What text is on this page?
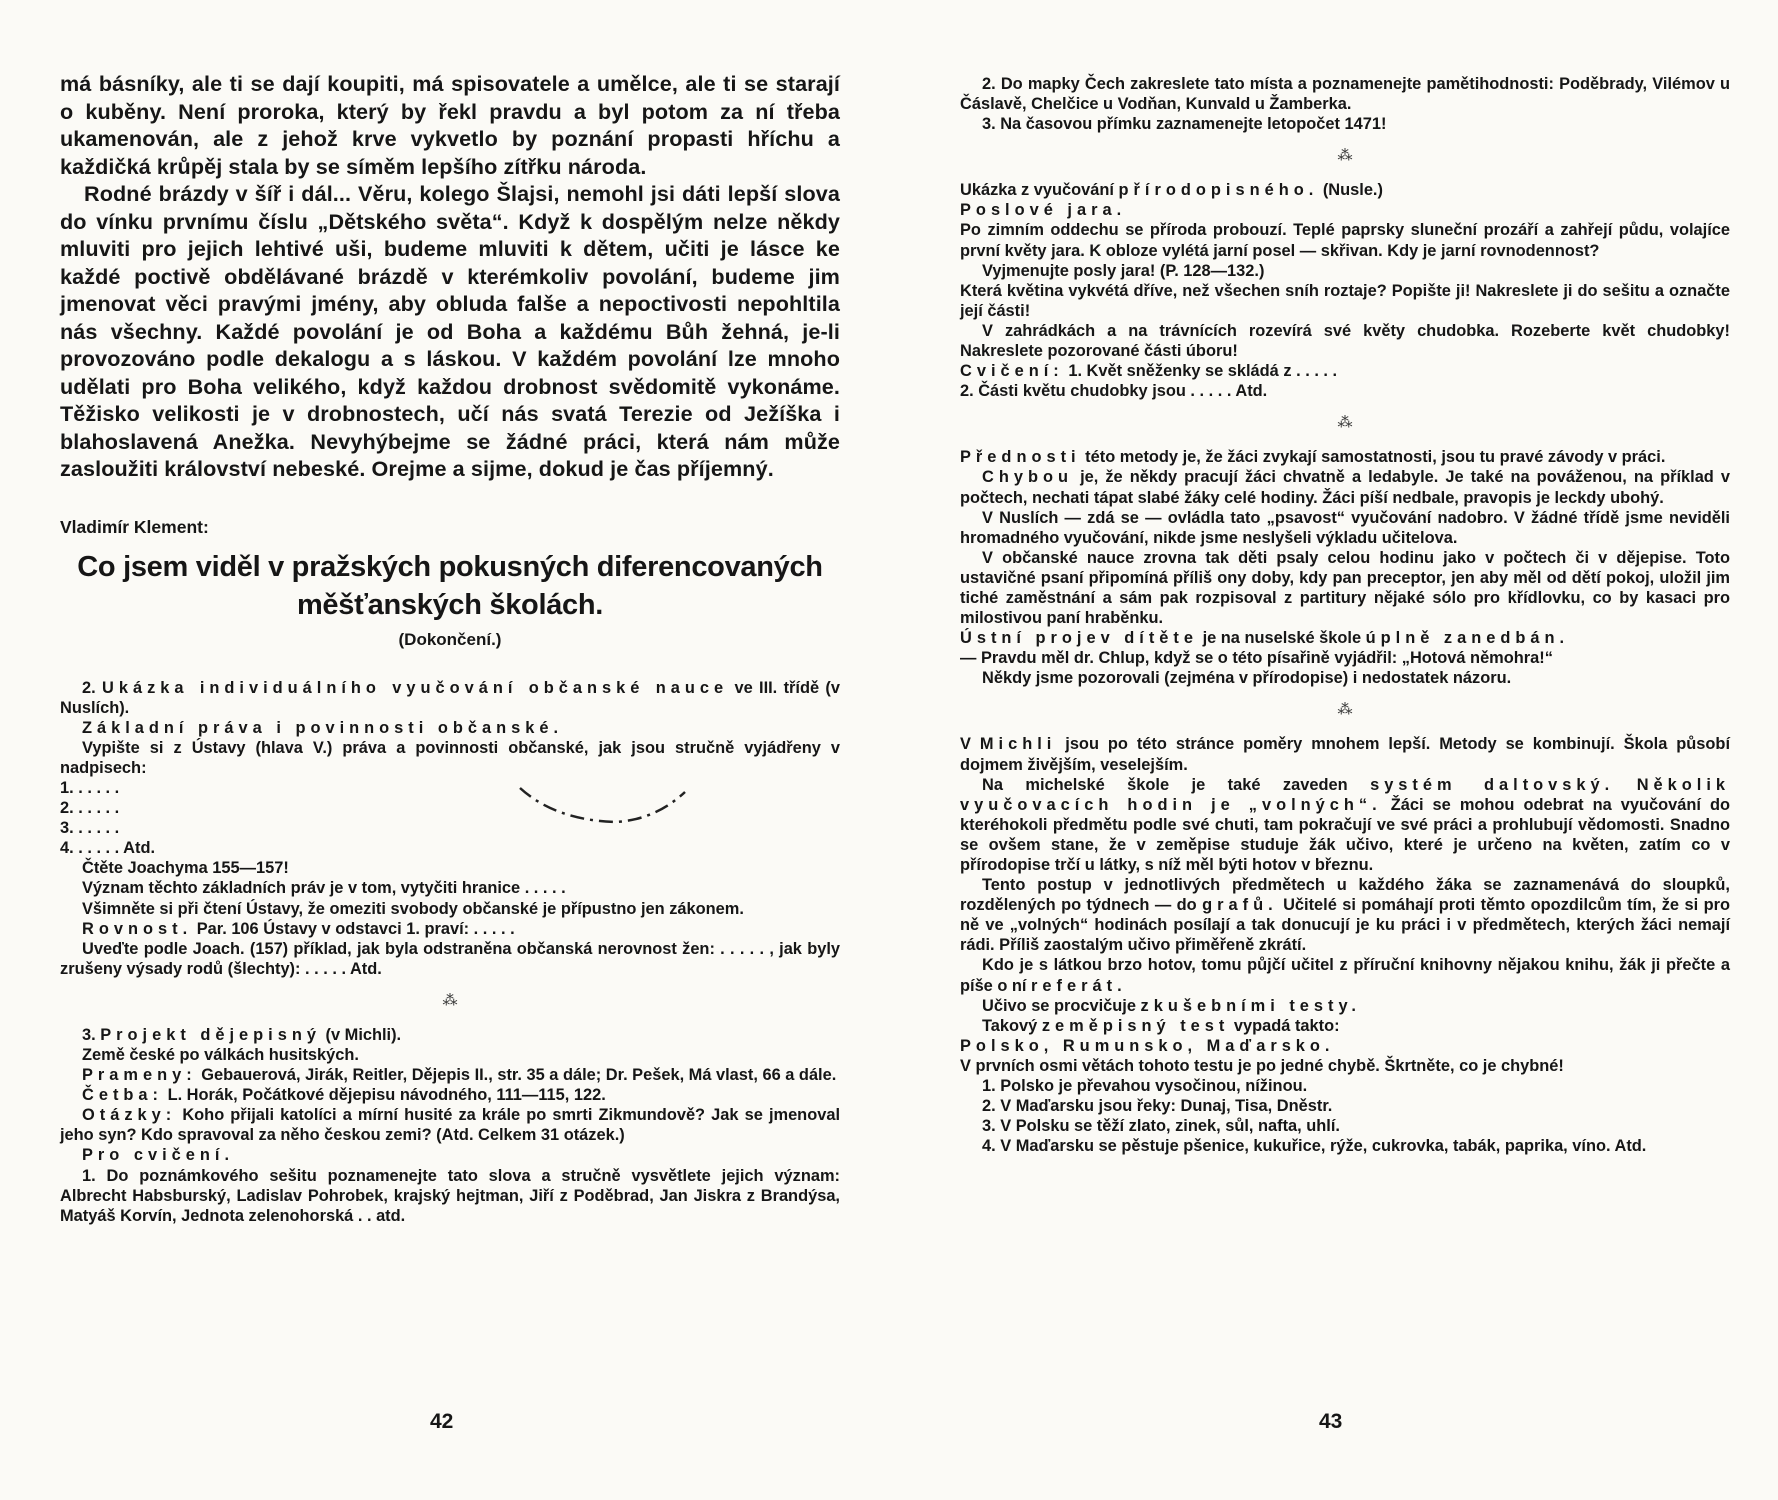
má básníky, ale ti se dají koupiti, má spisovatele a umělce, ale ti se starají o kuběny. Není proroka, který by řekl pravdu a byl potom za ní třeba ukamenován, ale z jehož krve vykvetlo by poznání propasti hříchu a každičká krůpěj stala by se síměm lepšího zítřku národa.

Rodné brázdy v šíř i dál... Věru, kolego Šlajsi, nemohl jsi dáti lepší slova do vínku prvnímu číslu „Dětského světa“. Když k dospělým nelze někdy mluviti pro jejich lehtivé uši, budeme mluviti k dětem, učiti je lásce ke každé poctivě obdělávané brázdě v kterémkoliv povolání, budeme jim jmenovat věci pravými jmény, aby obluda falše a nepoctivosti nepohltila nás všechny. Každé povolání je od Boha a každému Bůh žehná, je-li provozováno podle dekalogu a s láskou. V každém povolání lze mnoho udělati pro Boha velikého, když každou drobnost svědomitě vykonáme. Těžisko velikosti je v drobnostech, učí nás svatá Terezie od Ježíška i blahoslavená Anežka. Nevyhýbejme se žádné práci, která nám může zasloužiti království nebeské. Orejme a sijme, dokud je čas příjemný.

Vladimír Klement:
Co jsem viděl v pražských pokusných diferencovaných měšťanských školách.
(Dokončení.)

2. Ukázka individuálního vyučování občanské nauce ve III. třídě (v Nuslích).

Základní práva i povinnosti občanské.

Vypište si z Ústavy (hlava V.) práva a povinnosti občanské, jak jsou stručně vyjádřeny v nadpisech:

1. . . . . .
2. . . . . .
3. . . . . .
4. . . . . . Atd.

Čtěte Joachyma 155—157!

Význam těchto základních práv je v tom, vytyčiti hranice . . . . .

Všimněte si při čtení Ústavy, že omeziti svobody občanské je přípustno jen zákonem.

Rovnost. Par. 106 Ústavy v odstavci 1. praví: . . . . .

Uveďte podle Joach. (157) příklad, jak byla odstraněna občanská nerovnost žen: . . . . . , jak byly zrušeny výsady rodů (šlechty): . . . . . Atd.

⁂

3. Projekt dějepisný (v Michli).

Země české po válkách husitských.

Prameny: Gebauerová, Jirák, Reitler, Dějepis II., str. 35 a dále; Dr. Pešek, Má vlast, 66 a dále.

Četba: L. Horák, Počátkové dějepisu návodného, 111—115, 122.

Otázky: Koho přijali katolíci a mírní husité za krále po smrti Zikmundově? Jak se jmenoval jeho syn? Kdo spravoval za něho českou zemi? (Atd. Celkem 31 otázek.)

Pro cvičení.

1. Do poznámkového sešitu poznamenejte tato slova a stručně vysvětlete jejich význam: Albrecht Habsburský, Ladislav Pohrobek, krajský hejtman, Jiří z Poděbrad, Jan Jiskra z Brandýsa, Matyáš Korvín, Jednota zelenohorská . . atd.

42

2. Do mapky Čech zakreslete tato místa a poznamenejte pamětihodnosti: Poděbrady, Vilémov u Čáslavě, Chelčice u Vodňan, Kunvald u Žamberka.

3. Na časovou přímku zaznamenejte letopočet 1471!

⁂

Ukázka z vyučování přírodopisného. (Nusle.)

Poslové jara.

Po zimním oddechu se příroda probouzí. Teplé paprsky sluneční prozáří a zahřejí půdu, volajíce první květy jara. K obloze vylétá jarní posel — skřivan. Kdy je jarní rovnodennost?

Vyjmenujte posly jara! (P. 128—132.)

Která květina vykvétá dříve, než všechen sníh roztaje? Popište ji! Nakreslete ji do sešitu a označte její části!

V zahrádkách a na trávnících rozevírá své květy chudobka. Rozeberte květ chudobky! Nakreslete pozorované části úboru!

Cvičení: 1. Květ sněženky se skládá z . . . . .

2. Části květu chudobky jsou . . . . . Atd.

⁂

Přednosti této metody je, že žáci zvykají samostatnosti, jsou tu pravé závody v práci.

Chybou je, že někdy pracují žáci chvatně a ledabyle. Je také na pováženou, na příklad v počtech, nechati tápat slabé žáky celé hodiny. Žáci píší nedbale, pravopis je leckdy ubohý.

V Nuslích — zdá se — ovládla tato „psavost“ vyučování nadobro. V žádné třídě jsme neviděli hromadného vyučování, nikde jsme neslyšeli výkladu učitelova.

V občanské nauce zrovna tak děti psaly celou hodinu jako v počtech či v dějepise. Toto ustavičné psaní připomíná příliš ony doby, kdy pan preceptor, jen aby měl od dětí pokoj, uložil jim tiché zaměstnání a sám pak rozpisoval z partitury nějaké sólo pro křídlovku, co by kasaci pro milostivou paní hraběnku.

Ústní projev dítěte je na nuselské škole úplně zanedbán.

— Pravdu měl dr. Chlup, když se o této písařině vyjádřil: „Hotová němohra!“

Někdy jsme pozorovali (zejména v přírodopise) i nedostatek názoru.

⁂

V Michli jsou po této stránce poměry mnohem lepší. Metody se kombinují. Škola působí dojmem živějším, veselejším.

Na michelské škole je také zaveden systém daltovský. Několik vyučovacích hodin je „volných“. Žáci se mohou odebrat na vyučování do kteréhokoli předmětu podle své chuti, tam pokračují ve své práci a prohlubují vědomosti. Snadno se ovšem stane, že v zeměpise studuje žák učivo, které je určeno na květen, zatím co v přírodopise trčí u látky, s níž měl býti hotov v březnu.

Tento postup v jednotlivých předmětech u každého žáka se zaznamenává do sloupků, rozdělených po týdnech — do grafů. Učitelé si pomáhají proti těmto opozdilcům tím, že si pro ně ve „volných“ hodinách posílají a tak donucují je ku práci i v předmětech, kterých žáci nemají rádi. Příliš zaostalým učivo přiměřeně zkrátí.

Kdo je s látkou brzo hotov, tomu půjčí učitel z příruční knihovny nějakou knihu, žák ji přečte a píše o ní referát.

Učivo se procvičuje zkušebními testy.

Takový zeměpisný test vypadá takto:

Polsko, Rumunsko, Maďarsko.

V prvních osmi větách tohoto testu je po jedné chybě. Škrtněte, co je chybné!

1. Polsko je převahou vysočinou, nížinou.

2. V Maďarsku jsou řeky: Dunaj, Tisa, Dněstr.

3. V Polsku se těží zlato, zinek, sůl, nafta, uhlí.

4. V Maďarsku se pěstuje pšenice, kukuřice, rýže, cukrovka, tabák, paprika, víno. Atd.

43
